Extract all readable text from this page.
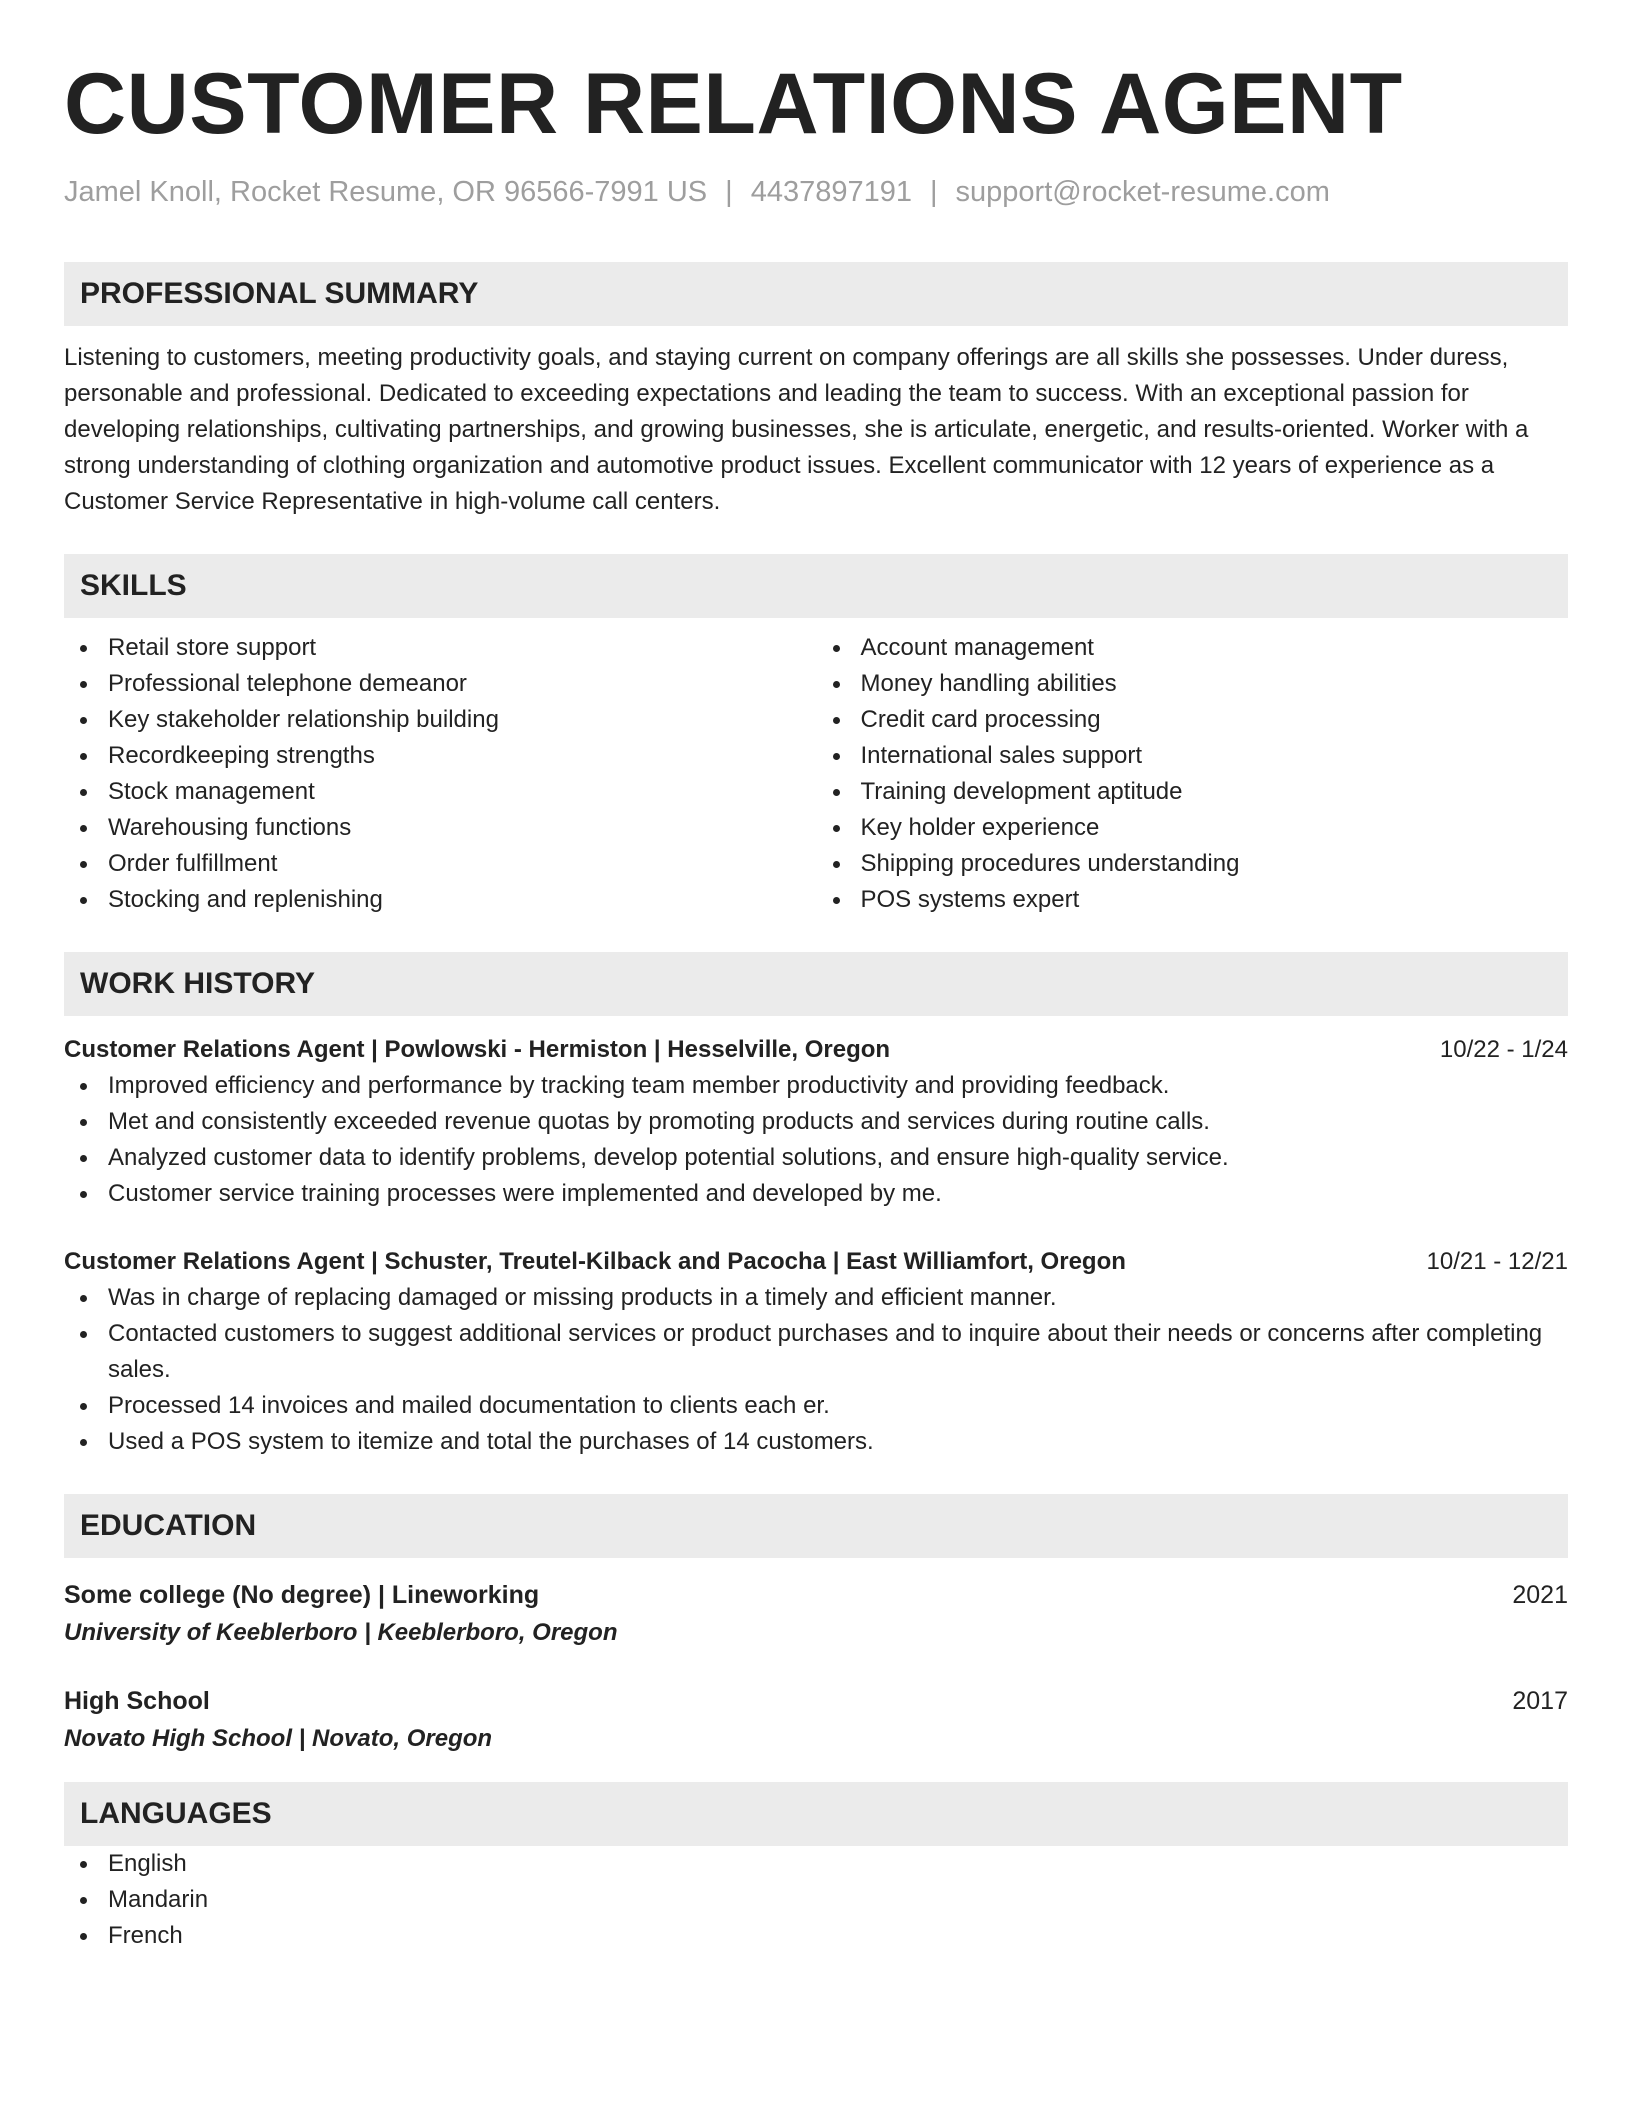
CUSTOMER RELATIONS AGENT
Jamel Knoll, Rocket Resume, OR 96566-7991 US | 4437897191 | support@rocket-resume.com
PROFESSIONAL SUMMARY

Listening to customers, meeting productivity goals, and staying current on company offerings are all skills she possesses. Under duress, personable and professional. Dedicated to exceeding expectations and leading the team to success. With an exceptional passion for developing relationships, cultivating partnerships, and growing businesses, she is articulate, energetic, and results-oriented. Worker with a strong understanding of clothing organization and automotive product issues. Excellent communicator with 12 years of experience as a Customer Service Representative in high-volume call centers.

SKILLS
Retail store support
Professional telephone demeanor
Key stakeholder relationship building
Recordkeeping strengths
Stock management
Warehousing functions
Order fulfillment
Stocking and replenishing
Account management
Money handling abilities
Credit card processing
International sales support
Training development aptitude
Key holder experience
Shipping procedures understanding
POS systems expert
WORK HISTORY
Customer Relations Agent | Powlowski - Hermiston | Hesselville, Oregon	10/22 - 1/24
Improved efficiency and performance by tracking team member productivity and providing feedback.
Met and consistently exceeded revenue quotas by promoting products and services during routine calls.
Analyzed customer data to identify problems, develop potential solutions, and ensure high-quality service.
Customer service training processes were implemented and developed by me.
Customer Relations Agent | Schuster, Treutel-Kilback and Pacocha | East Williamfort, Oregon	10/21 - 12/21
Was in charge of replacing damaged or missing products in a timely and efficient manner.
Contacted customers to suggest additional services or product purchases and to inquire about their needs or concerns after completing sales.
Processed 14 invoices and mailed documentation to clients each er.
Used a POS system to itemize and total the purchases of 14 customers.
EDUCATION
Some college (No degree) | Lineworking	2021
University of Keeblerboro | Keeblerboro, Oregon
High School	2017
Novato High School | Novato, Oregon
LANGUAGES
English
Mandarin
French
